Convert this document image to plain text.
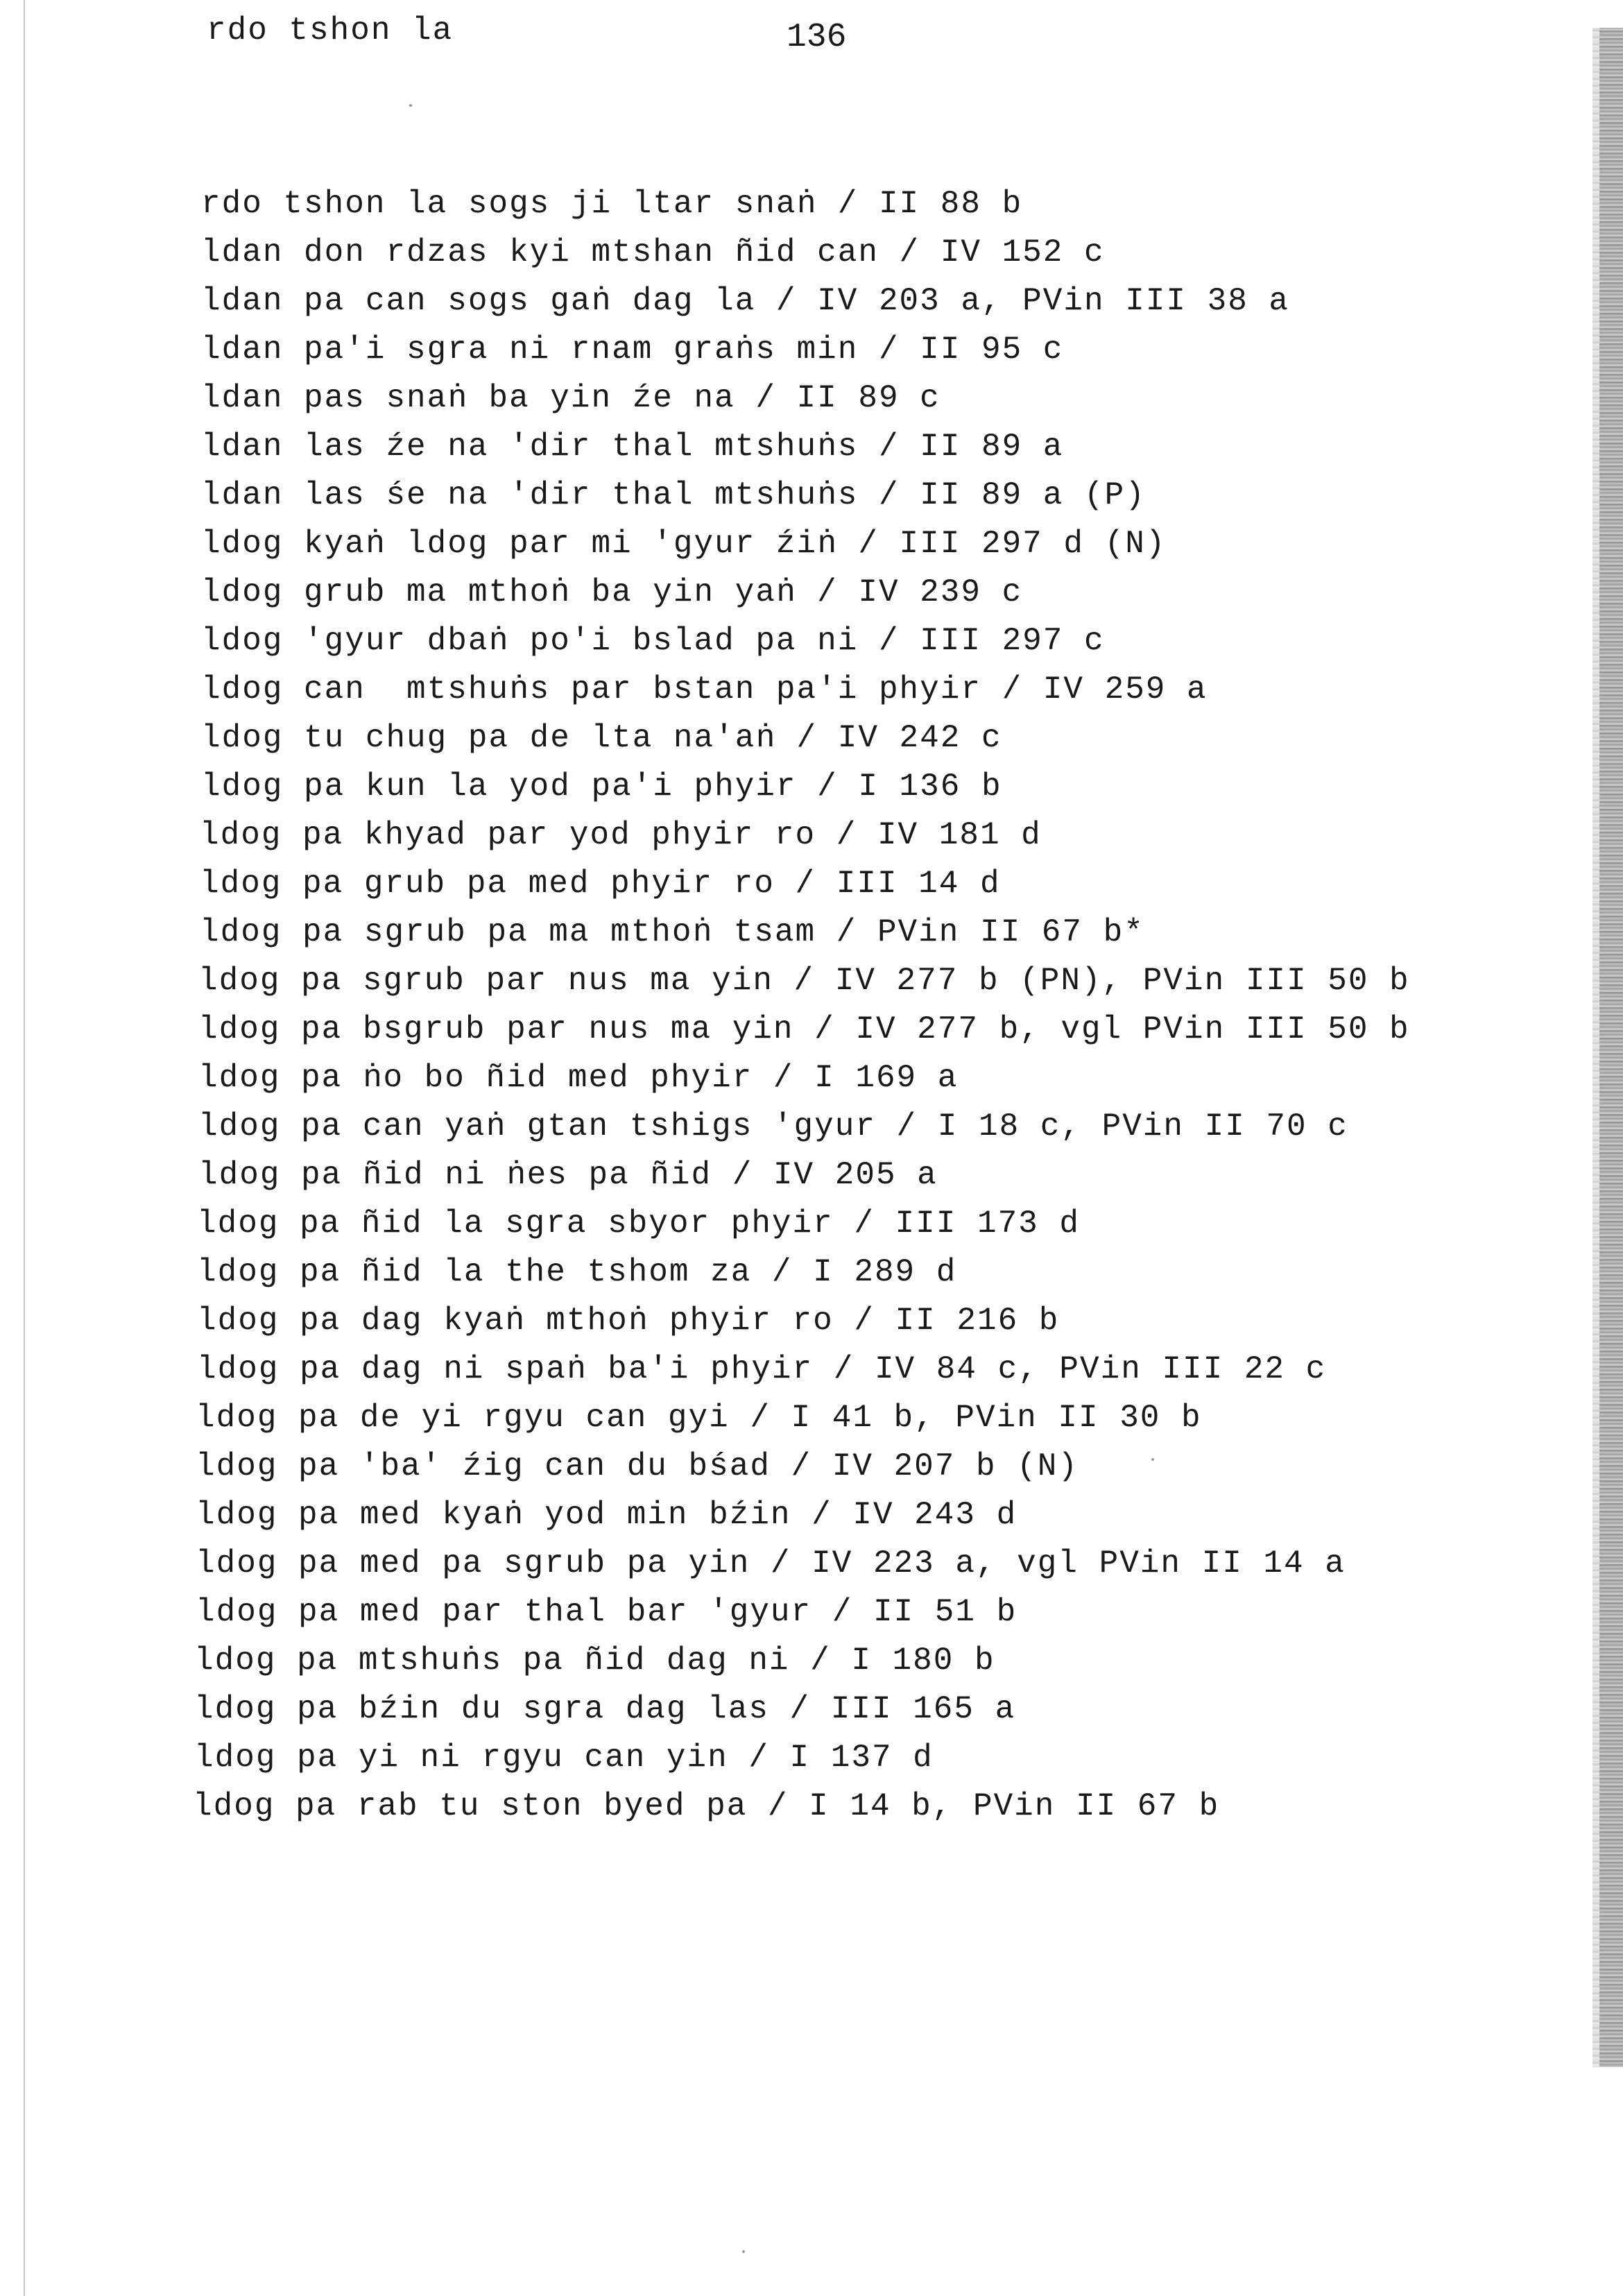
rdo tshon la	136
rdo tshon la sogs ji ltar snaṅ / II 88 b
ldan don rdzas kyi mtshan ñid can / IV 152 c
ldan pa can sogs gaṅ dag la / IV 203 a, PVin III 38 a
ldan pa'i sgra ni rnam graṅs min / II 95 c
ldan pas snaṅ ba yin źe na / II 89 c
ldan las źe na 'dir thal mtshuṅs / II 89 a
ldan las śe na 'dir thal mtshuṅs / II 89 a (P)
ldog kyaṅ ldog par mi 'gyur źiṅ / III 297 d (N)
ldog grub ma mthoṅ ba yin yaṅ / IV 239 c
ldog 'gyur dbaṅ po'i bslad pa ni / III 297 c
ldog can  mtshuṅs par bstan pa'i phyir / IV 259 a
ldog tu chug pa de lta na'aṅ / IV 242 c
ldog pa kun la yod pa'i phyir / I 136 b
ldog pa khyad par yod phyir ro / IV 181 d
ldog pa grub pa med phyir ro / III 14 d
ldog pa sgrub pa ma mthoṅ tsam / PVin II 67 b*
ldog pa sgrub par nus ma yin / IV 277 b (PN), PVin III 50 b
ldog pa bsgrub par nus ma yin / IV 277 b, vgl PVin III 50 b
ldog pa ṅo bo ñid med phyir / I 169 a
ldog pa can yaṅ gtan tshigs 'gyur / I 18 c, PVin II 70 c
ldog pa ñid ni ṅes pa ñid / IV 205 a
ldog pa ñid la sgra sbyor phyir / III 173 d
ldog pa ñid la the tshom za / I 289 d
ldog pa dag kyaṅ mthoṅ phyir ro / II 216 b
ldog pa dag ni spaṅ ba'i phyir / IV 84 c, PVin III 22 c
ldog pa de yi rgyu can gyi / I 41 b, PVin II 30 b
ldog pa 'ba' źig can du bśad / IV 207 b (N)
ldog pa med kyaṅ yod min bźin / IV 243 d
ldog pa med pa sgrub pa yin / IV 223 a, vgl PVin II 14 a
ldog pa med par thal bar 'gyur / II 51 b
ldog pa mtshuṅs pa ñid dag ni / I 180 b
ldog pa bźin du sgra dag las / III 165 a
ldog pa yi ni rgyu can yin / I 137 d
ldog pa rab tu ston byed pa / I 14 b, PVin II 67 b
